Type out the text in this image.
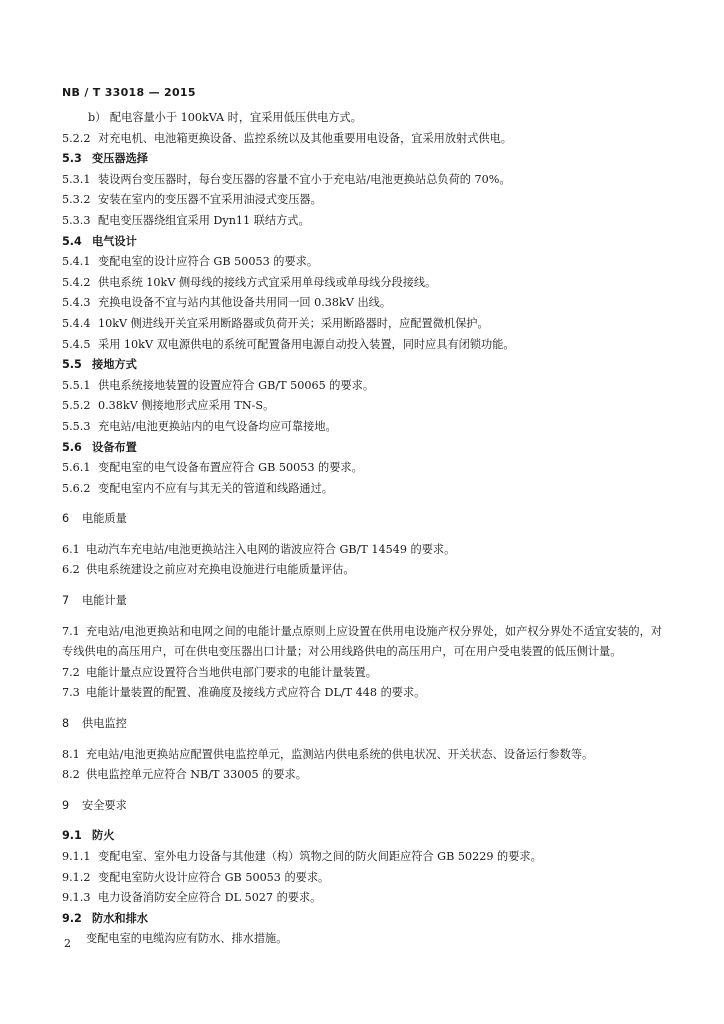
NB / T 33018 — 2015
b） 配电容量小于 100kVA 时，宜采用低压供电方式。
5.2.2 对充电机、电池箱更换设备、监控系统以及其他重要用电设备，宜采用放射式供电。
5.3 变压器选择
5.3.1 装设两台变压器时，每台变压器的容量不宜小于充电站/电池更换站总负荷的 70%。
5.3.2 安装在室内的变压器不宜采用油浸式变压器。
5.3.3 配电变压器绕组宜采用 Dyn11 联结方式。
5.4 电气设计
5.4.1 变配电室的设计应符合 GB 50053 的要求。
5.4.2 供电系统 10kV 侧母线的接线方式宜采用单母线或单母线分段接线。
5.4.3 充换电设备不宜与站内其他设备共用同一回 0.38kV 出线。
5.4.4 10kV 侧进线开关宜采用断路器或负荷开关；采用断路器时，应配置微机保护。
5.4.5 采用 10kV 双电源供电的系统可配置备用电源自动投入装置，同时应具有闭锁功能。
5.5 接地方式
5.5.1 供电系统接地装置的设置应符合 GB/T 50065 的要求。
5.5.2 0.38kV 侧接地形式应采用 TN-S。
5.5.3 充电站/电池更换站内的电气设备均应可靠接地。
5.6 设备布置
5.6.1 变配电室的电气设备布置应符合 GB 50053 的要求。
5.6.2 变配电室内不应有与其无关的管道和线路通过。
6 电能质量
6.1 电动汽车充电站/电池更换站注入电网的谐波应符合 GB/T 14549 的要求。
6.2 供电系统建设之前应对充换电设施进行电能质量评估。
7 电能计量
7.1 充电站/电池更换站和电网之间的电能计量点原则上应设置在供用电设施产权分界处，如产权分界处不适宜安装的，对专线供电的高压用户，可在供电变压器出口计量；对公用线路供电的高压用户，可在用户受电装置的低压侧计量。
7.2 电能计量点应设置符合当地供电部门要求的电能计量装置。
7.3 电能计量装置的配置、准确度及接线方式应符合 DL/T 448 的要求。
8 供电监控
8.1 充电站/电池更换站应配置供电监控单元，监测站内供电系统的供电状况、开关状态、设备运行参数等。
8.2 供电监控单元应符合 NB/T 33005 的要求。
9 安全要求
9.1 防火
9.1.1 变配电室、室外电力设备与其他建（构）筑物之间的防火间距应符合 GB 50229 的要求。
9.1.2 变配电室防火设计应符合 GB 50053 的要求。
9.1.3 电力设备消防安全应符合 DL 5027 的要求。
9.2 防水和排水
变配电室的电缆沟应有防水、排水措施。
2
